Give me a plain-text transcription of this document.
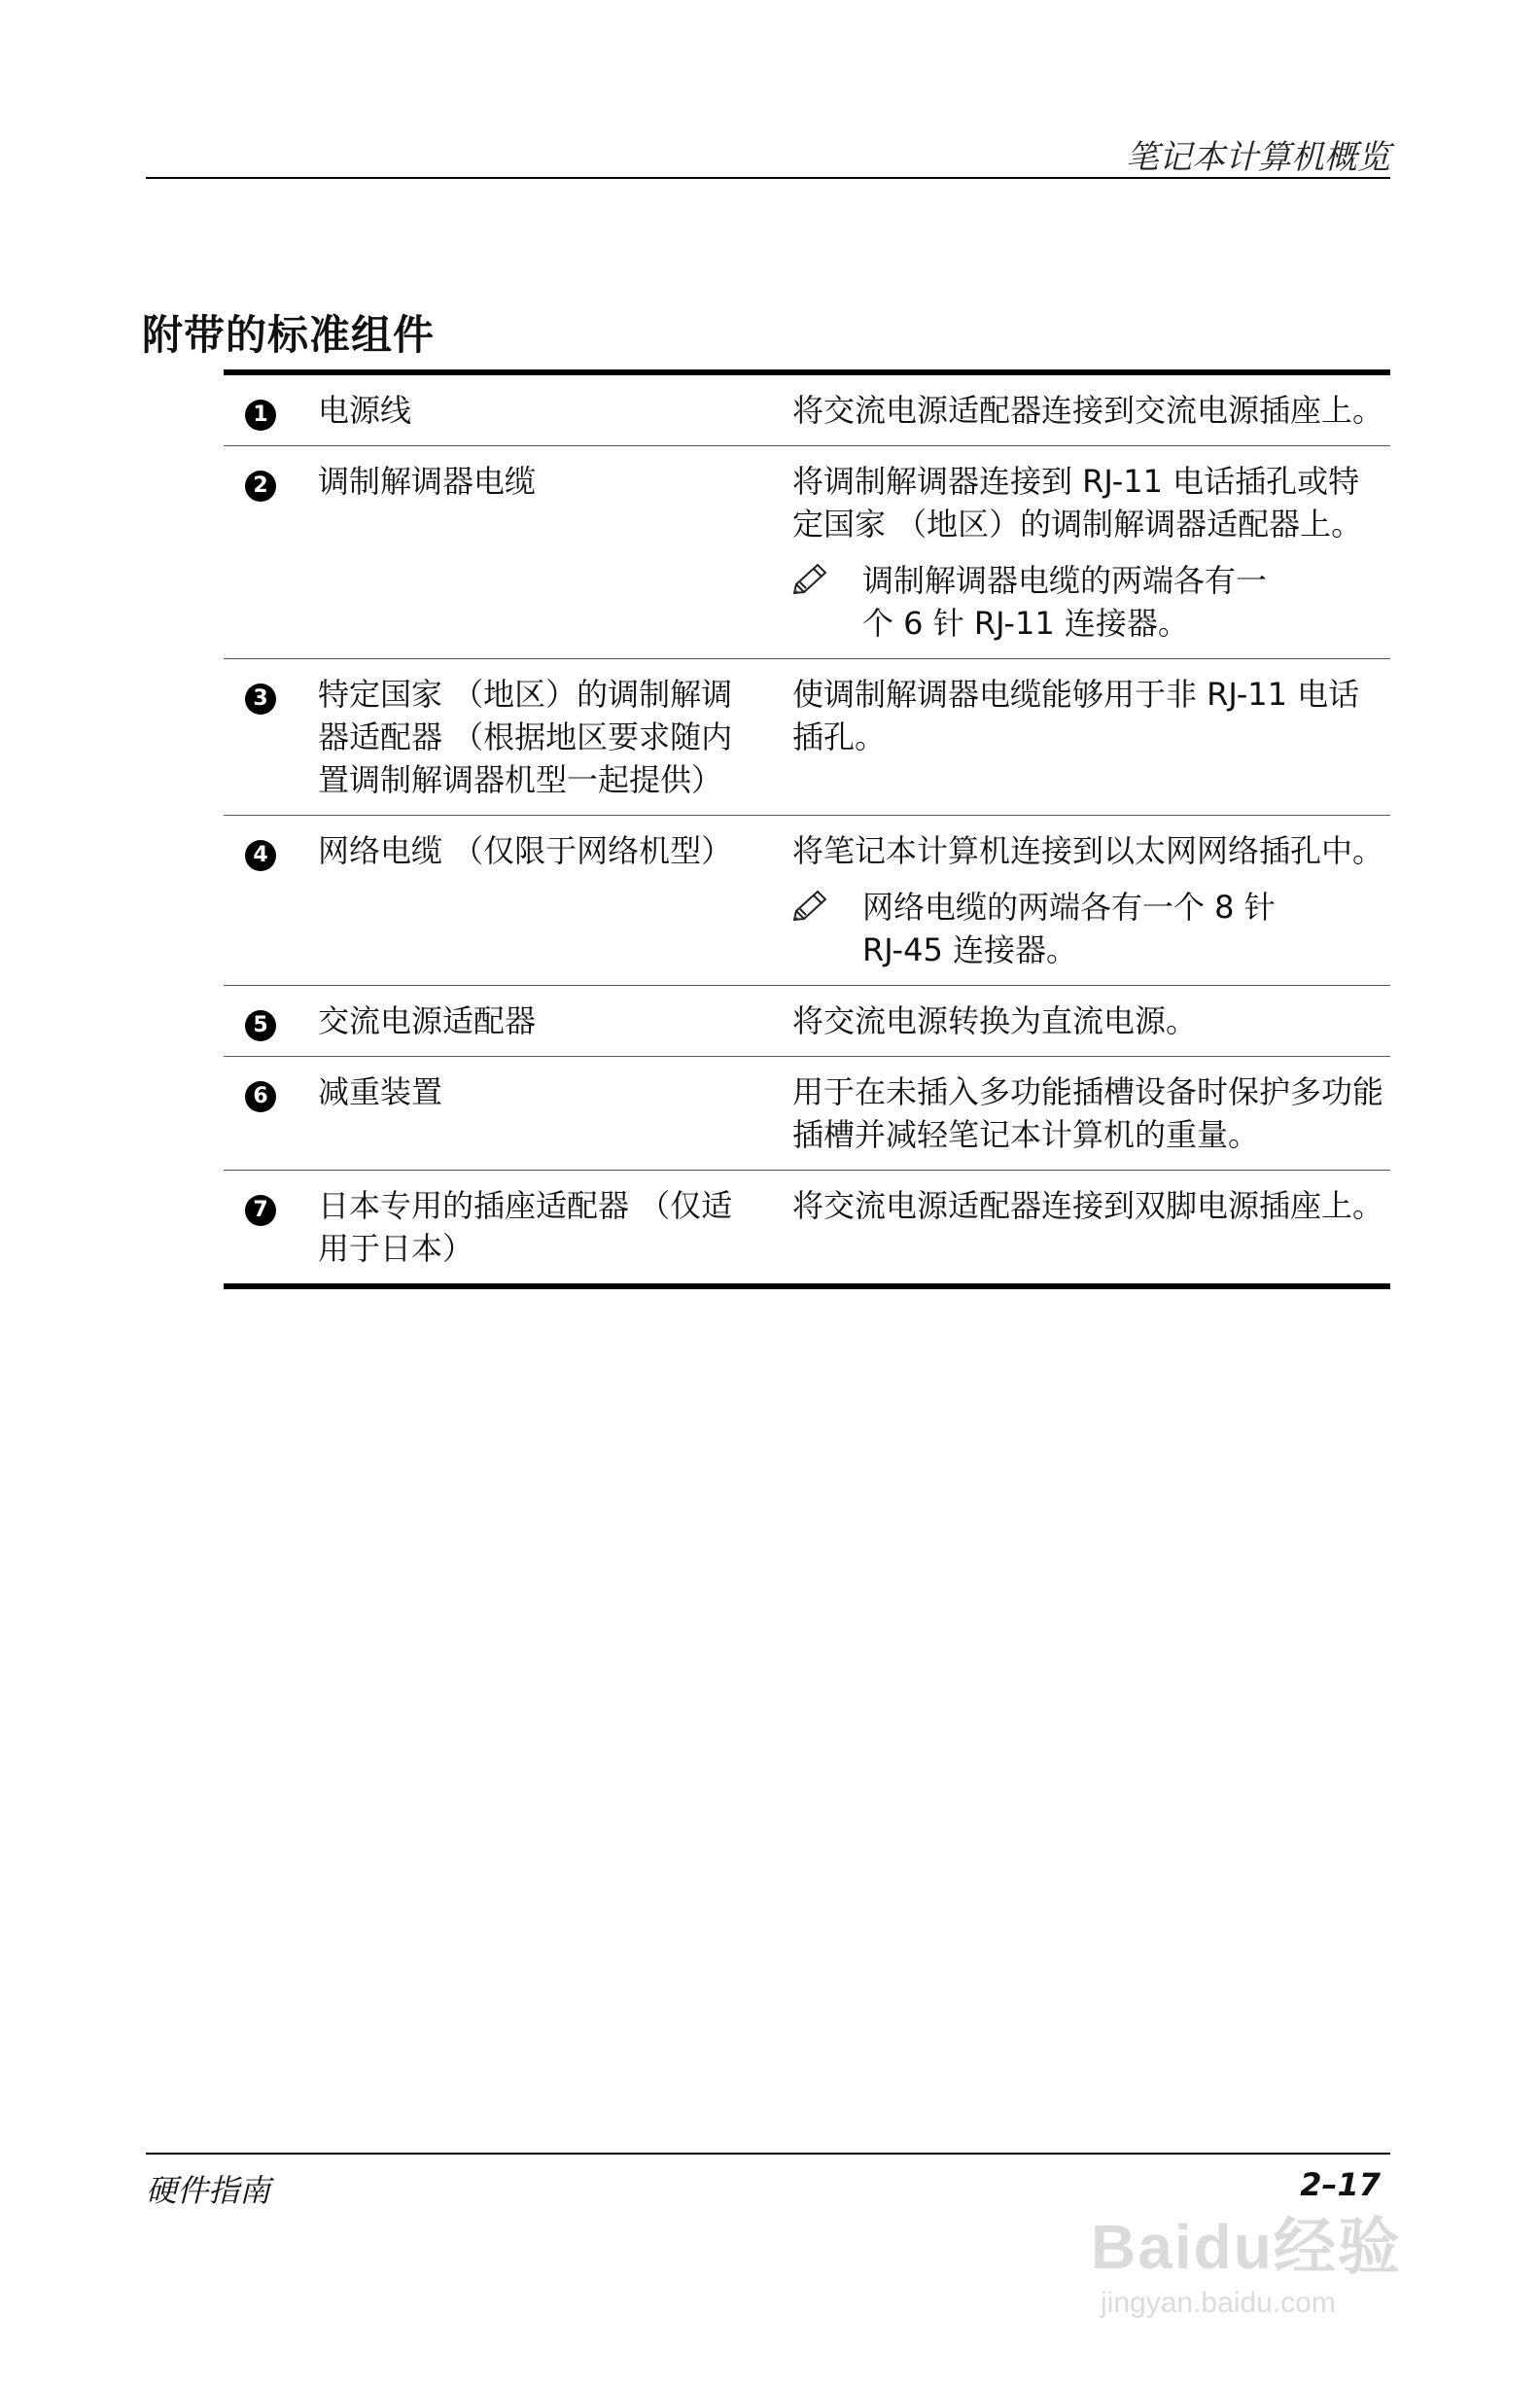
笔记本计算机概览
附带的标准组件
1	电源线	将交流电源适配器连接到交流电源插座上。

2	调制解调器电缆	将调制解调器连接到 RJ-11 电话插孔或特定国家 （地区）的调制解调器适配器上。
调制解调器电缆的两端各有一个 6 针 RJ-11 连接器。

3	特定国家 （地区）的调制解调器适配器 （根据地区要求随内置调制解调器机型一起提供）	使调制解调器电缆能够用于非 RJ-11 电话插孔。

4	网络电缆 （仅限于网络机型）	将笔记本计算机连接到以太网网络插孔中。
网络电缆的两端各有一个 8 针 RJ-45 连接器。

5	交流电源适配器	将交流电源转换为直流电源。

6	减重装置	用于在未插入多功能插槽设备时保护多功能插槽并减轻笔记本计算机的重量。

7	日本专用的插座适配器 （仅适用于日本）	将交流电源适配器连接到双脚电源插座上。
硬件指南	2–17
Baidu经验
jingyan.baidu.com
